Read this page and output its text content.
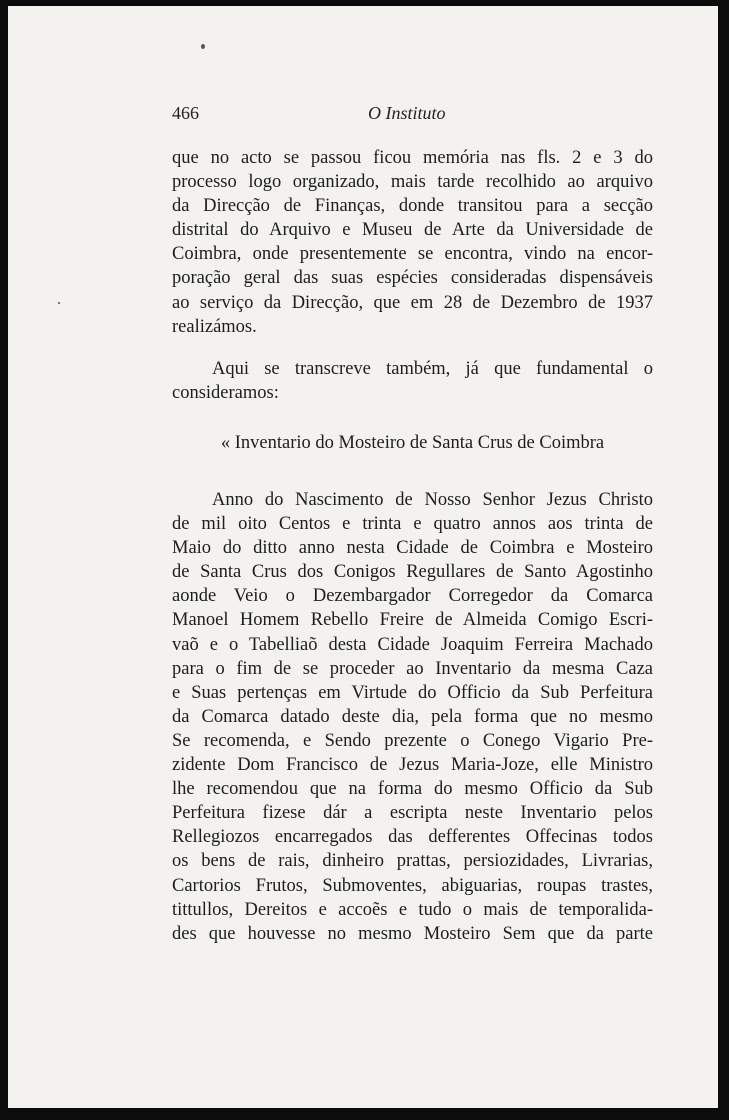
466	O Instituto
que no acto se passou ficou memória nas fls. 2 e 3 do
processo logo organizado, mais tarde recolhido ao arquivo
da Direcção de Finanças, donde transitou para a secção
distrital do Arquivo e Museu de Arte da Universidade de
Coimbra, onde presentemente se encontra, vindo na encor-
poração geral das suas espécies consideradas dispensáveis
ao serviço da Direcção, que em 28 de Dezembro de 1937
realizámos.
Aqui se transcreve também, já que fundamental o
consideramos:
« Inventario do Mosteiro de Santa Crus de Coimbra
Anno do Nascimento de Nosso Senhor Jezus Christo
de mil oito Centos e trinta e quatro annos aos trinta de
Maio do ditto anno nesta Cidade de Coimbra e Mosteiro
de Santa Crus dos Conigos Regullares de Santo Agostinho
aonde Veio o Dezembargador Corregedor da Comarca
Manoel Homem Rebello Freire de Almeida Comigo Escri-
vaõ e o Tabelliaõ desta Cidade Joaquim Ferreira Machado
para o fim de se proceder ao Inventario da mesma Caza
e Suas pertenças em Virtude do Officio da Sub Perfeitura
da Comarca datado deste dia, pela forma que no mesmo
Se recomenda, e Sendo prezente o Conego Vigario Pre-
zidente Dom Francisco de Jezus Maria-Joze, elle Ministro
lhe recomendou que na forma do mesmo Officio da Sub
Perfeitura fizese dár a escripta neste Inventario pelos
Rellegiozos encarregados das defferentes Offecinas todos
os bens de rais, dinheiro prattas, persiozidades, Livrarias,
Cartorios Frutos, Submoventes, abiguarias, roupas trastes,
tittullos, Dereitos e accoẽs e tudo o mais de temporalida-
des que houvesse no mesmo Mosteiro Sem que da parte
